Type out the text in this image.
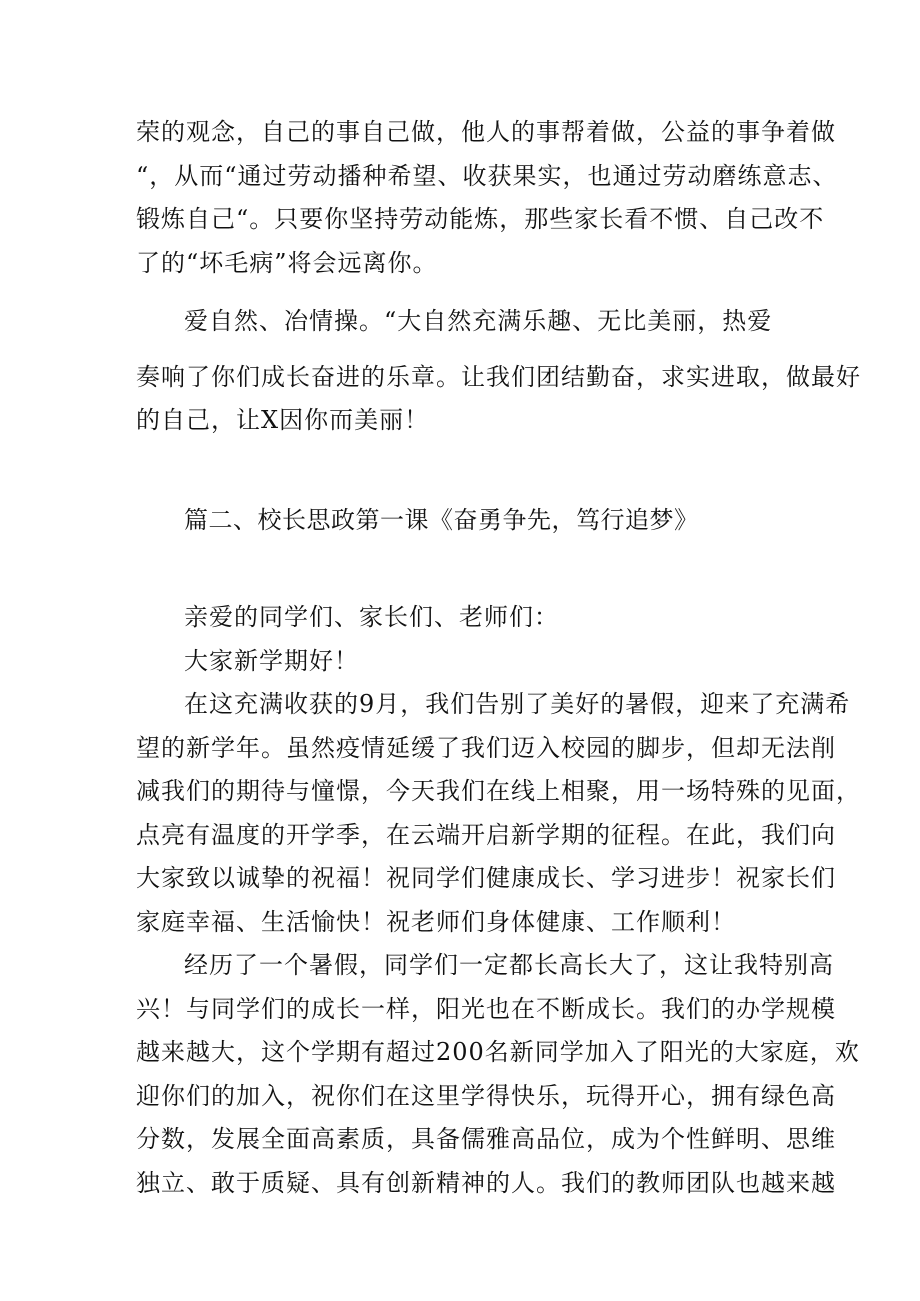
荣的观念，自己的事自己做，他人的事帮着做，公益的事争着做
“，从而“通过劳动播种希望、收获果实，也通过劳动磨练意志、
锻炼自己“。只要你坚持劳动能炼，那些家长看不惯、自己改不
了的“坏毛病”将会远离你。
爱自然、冶情操。“大自然充满乐趣、无比美丽，热爱
奏响了你们成长奋进的乐章。让我们团结勤奋，求实进取，做最好
的自己，让X因你而美丽！
篇二、校长思政第一课《奋勇争先，笃行追梦》
亲爱的同学们、家长们、老师们：
大家新学期好！
在这充满收获的9月，我们告别了美好的暑假，迎来了充满希
望的新学年。虽然疫情延缓了我们迈入校园的脚步，但却无法削
减我们的期待与憧憬，今天我们在线上相聚，用一场特殊的见面，
点亮有温度的开学季，在云端开启新学期的征程。在此，我们向
大家致以诚挚的祝福！祝同学们健康成长、学习进步！祝家长们
家庭幸福、生活愉快！祝老师们身体健康、工作顺利！
经历了一个暑假，同学们一定都长高长大了，这让我特别高
兴！与同学们的成长一样，阳光也在不断成长。我们的办学规模
越来越大，这个学期有超过200名新同学加入了阳光的大家庭，欢
迎你们的加入，祝你们在这里学得快乐，玩得开心，拥有绿色高
分数，发展全面高素质，具备儒雅高品位，成为个性鲜明、思维
独立、敢于质疑、具有创新精神的人。我们的教师团队也越来越
